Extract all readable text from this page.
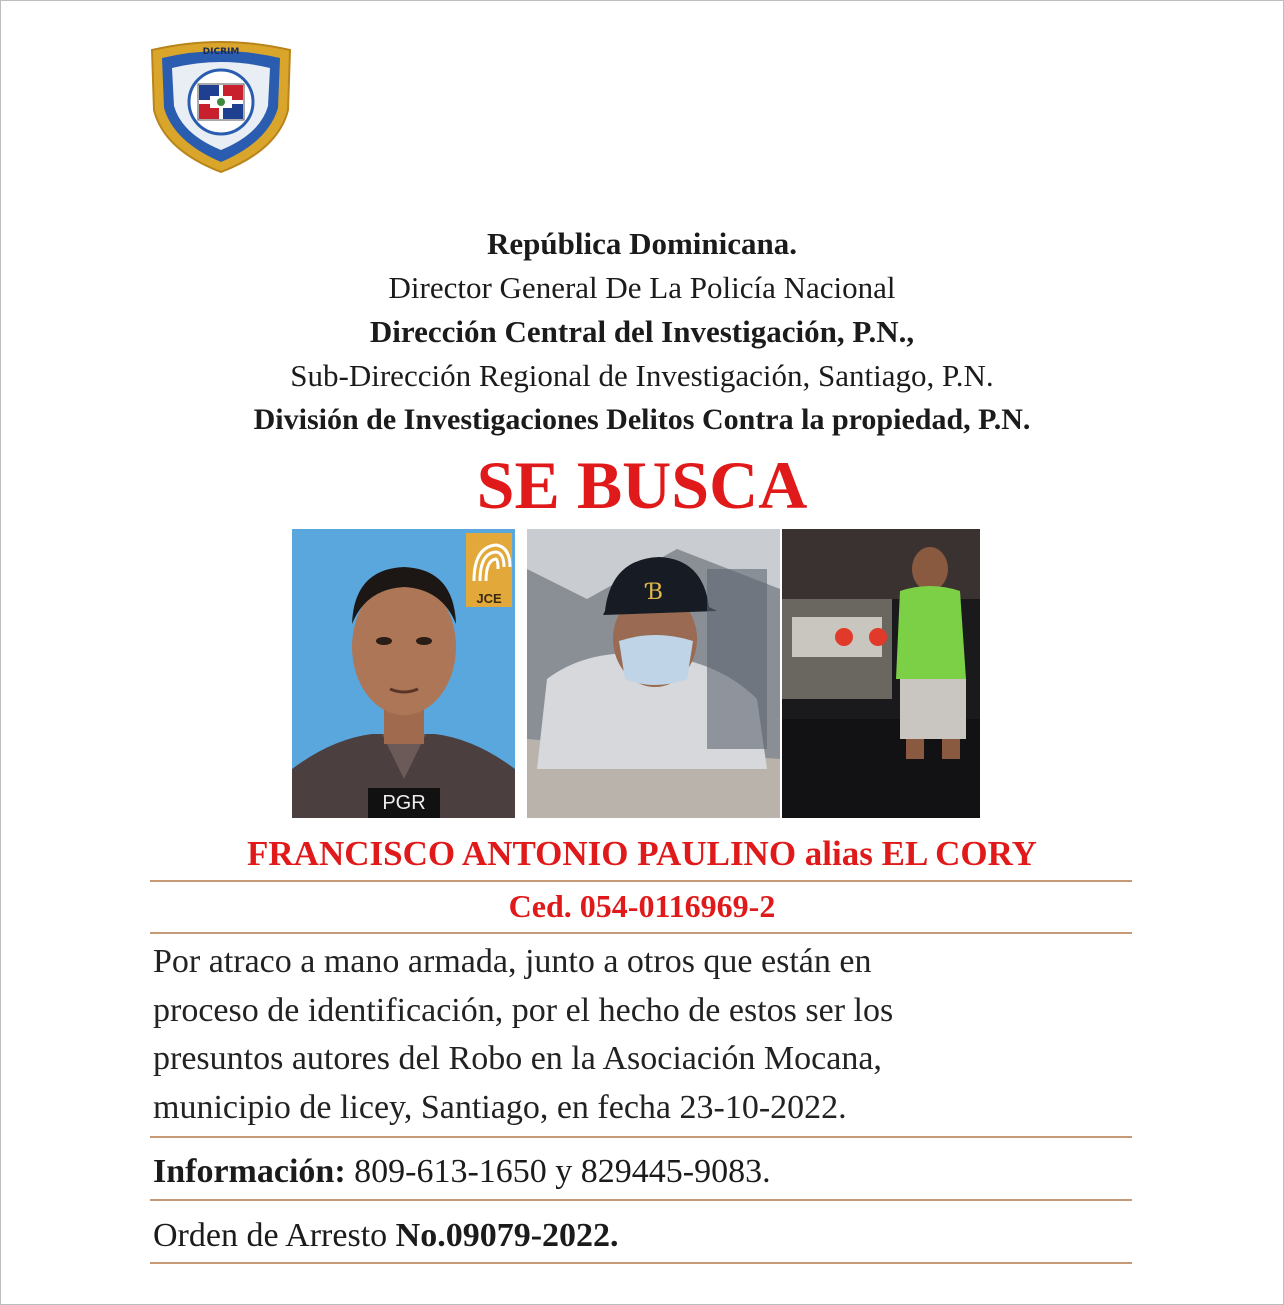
DICRIM
República Dominicana.
Director General De La Policía Nacional
Dirección Central del Investigación, P.N.,
Sub-Dirección Regional de Investigación, Santiago, P.N.
División de Investigaciones Delitos Contra la propiedad, P.N.
SE BUSCA
JCE
PGR
Ɓ
FRANCISCO ANTONIO PAULINO alias EL CORY
Ced. 054-0116969-2
Por atraco a mano armada, junto a otros que están en
proceso de identificación, por el hecho de estos ser los
presuntos autores del Robo en la Asociación Mocana,
municipio de licey, Santiago, en fecha 23-10-2022.
Información: 809-613-1650 y 829445-9083.
Orden de Arresto No.09079-2022.
